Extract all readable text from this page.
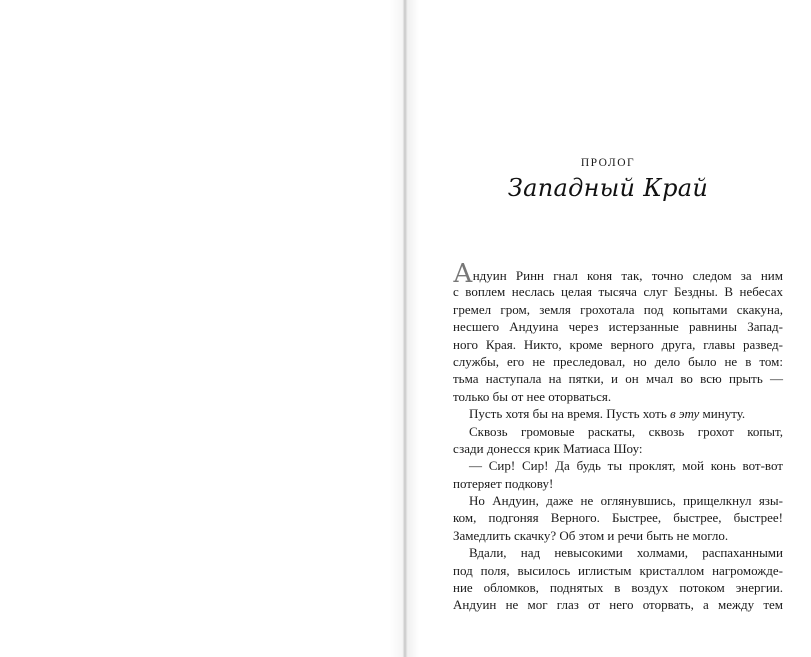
ПРОЛОГ
Западный Край

Андуин Ринн гнал коня так, точно следом за ним

с воплем неслась целая тысяча слуг Бездны. В небесах

гремел гром, земля грохотала под копытами скакуна,

несшего Андуина через истерзанные равнины Запад-

ного Края. Никто, кроме верного друга, главы развед-

службы, его не преследовал, но дело было не в том:

тьма наступала на пятки, и он мчал во всю прыть —

только бы от нее оторваться.

Пусть хотя бы на время. Пусть хоть в эту минуту.

Сквозь громовые раскаты, сквозь грохот копыт,

сзади донесся крик Матиаса Шоу:

— Сир! Сир! Да будь ты проклят, мой конь вот-вот

потеряет подкову!

Но Андуин, даже не оглянувшись, прищелкнул язы-

ком, подгоняя Верного. Быстрее, быстрее, быстрее!

Замедлить скачку? Об этом и речи быть не могло.

Вдали, над невысокими холмами, распаханными

под поля, высилось иглистым кристаллом нагроможде-

ние обломков, поднятых в воздух потоком энергии.

Андуин не мог глаз от него оторвать, а между тем
